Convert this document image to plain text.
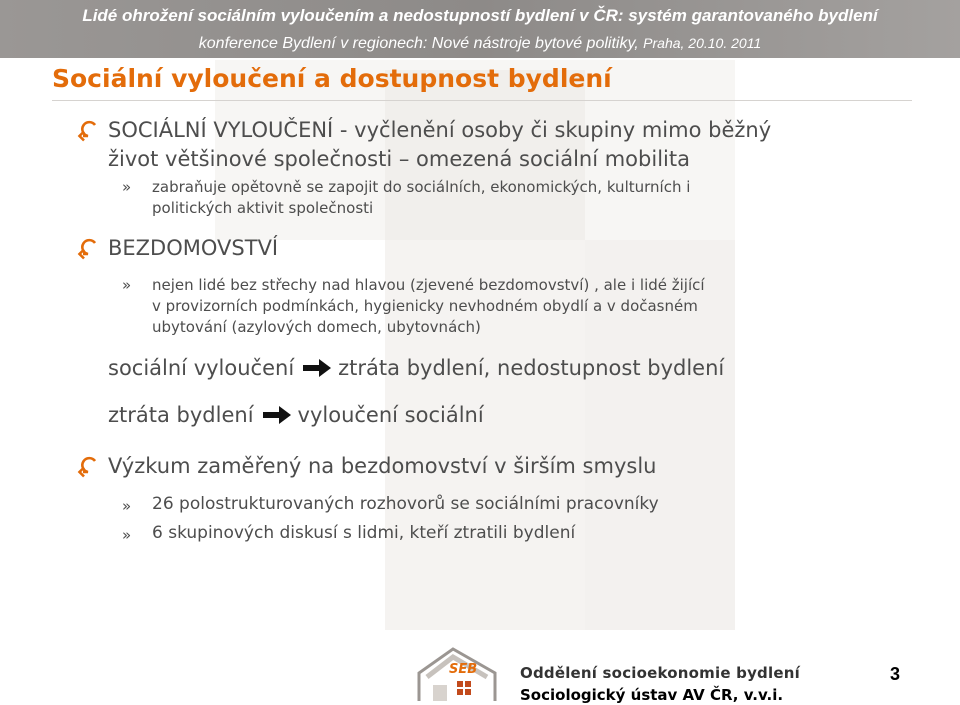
Lidé ohrožení sociálním vyloučením a nedostupností bydlení v ČR: systém garantovaného bydlení
konference Bydlení v regionech: Nové nástroje bytové politiky, Praha, 20.10. 2011
Sociální vyloučení a dostupnost bydlení
SOCIÁLNÍ VYLOUČENÍ - vyčlenění osoby či skupiny mimo běžný
život většinové společnosti – omezená sociální mobilita
» zabraňuje opětovně se zapojit do sociálních, ekonomických, kulturních i
politických aktivit společnosti
BEZDOMOVSTVÍ
» nejen lidé bez střechy nad hlavou (zjevené bezdomovství) , ale i lidé žijící
v provizorních podmínkách, hygienicky nevhodném obydlí a v dočasném
ubytování (azylových domech, ubytovnách)
sociální vyloučení ztráta bydlení, nedostupnost bydlení
ztráta bydlení vyloučení sociální
Výzkum zaměřený na bezdomovství v širším smyslu
» 26 polostrukturovaných rozhovorů se sociálními pracovníky
» 6 skupinových diskusí s lidmi, kteří ztratili bydlení
SEB	Oddělení socioekonomie bydlení
Sociologický ústav AV ČR, v.v.i.
3
